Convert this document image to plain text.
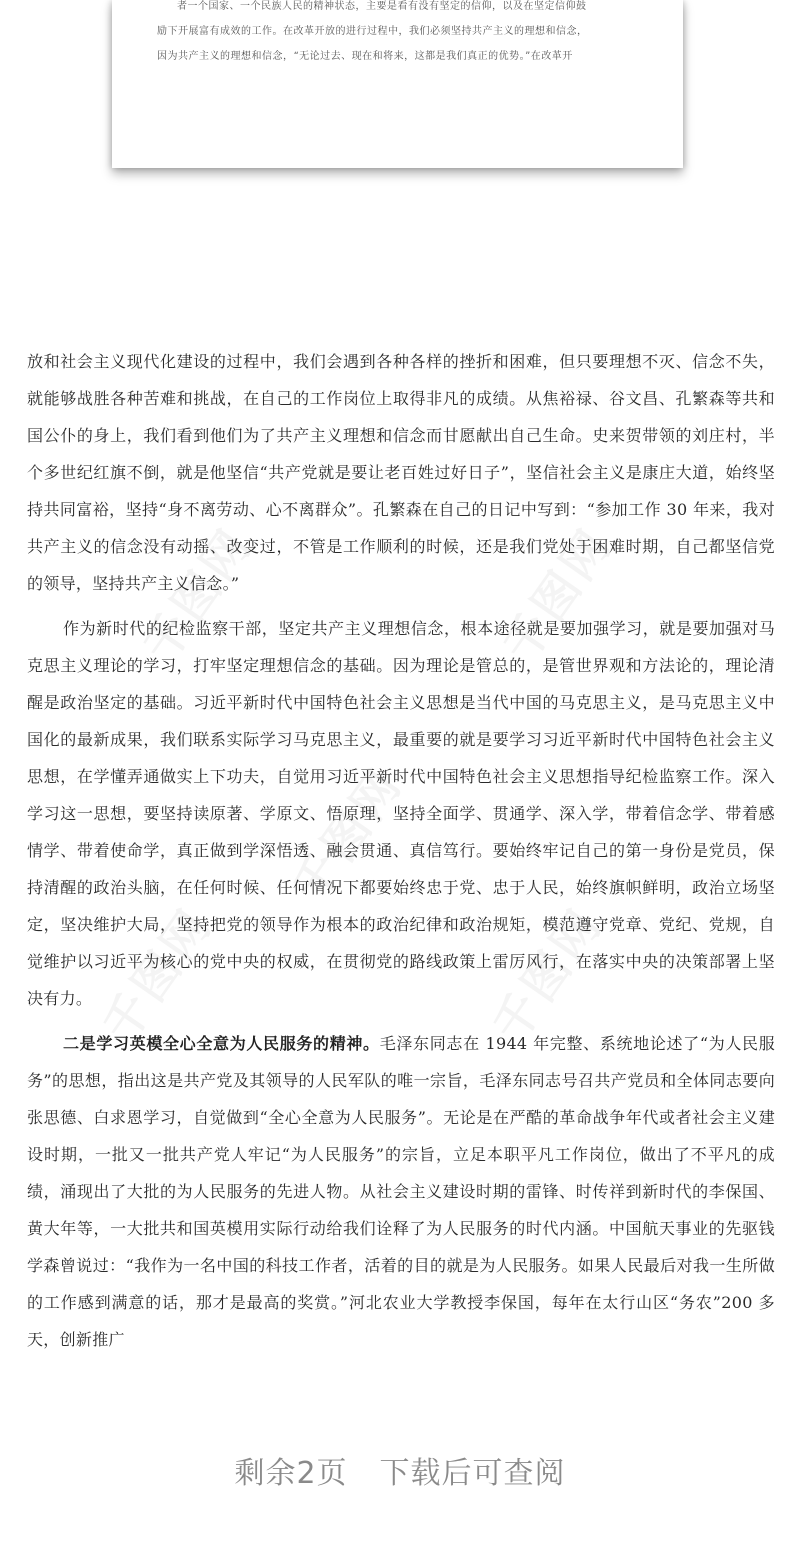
者一个国家、一个民族人民的精神状态，主要是看有没有坚定的信仰，以及在坚定信仰鼓

励下开展富有成效的工作。在改革开放的进行过程中，我们必须坚持共产主义的理想和信念，

因为共产主义的理想和信念，“无论过去、现在和将来，这都是我们真正的优势。”在改革开

放和社会主义现代化建设的过程中，我们会遇到各种各样的挫折和困难，但只要理想不灭、信念不失，就能够战胜各种苦难和挑战，在自己的工作岗位上取得非凡的成绩。从焦裕禄、谷文昌、孔繁森等共和国公仆的身上，我们看到他们为了共产主义理想和信念而甘愿献出自己生命。史来贺带领的刘庄村，半个多世纪红旗不倒，就是他坚信“共产党就是要让老百姓过好日子”，坚信社会主义是康庄大道，始终坚持共同富裕，坚持“身不离劳动、心不离群众”。孔繁森在自己的日记中写到：“参加工作 30 年来，我对共产主义的信念没有动摇、改变过，不管是工作顺利的时候，还是我们党处于困难时期，自己都坚信党的领导，坚持共产主义信念。”

作为新时代的纪检监察干部，坚定共产主义理想信念，根本途径就是要加强学习，就是要加强对马克思主义理论的学习，打牢坚定理想信念的基础。因为理论是管总的，是管世界观和方法论的，理论清醒是政治坚定的基础。习近平新时代中国特色社会主义思想是当代中国的马克思主义，是马克思主义中国化的最新成果，我们联系实际学习马克思主义，最重要的就是要学习习近平新时代中国特色社会主义思想，在学懂弄通做实上下功夫，自觉用习近平新时代中国特色社会主义思想指导纪检监察工作。深入学习这一思想，要坚持读原著、学原文、悟原理，坚持全面学、贯通学、深入学，带着信念学、带着感情学、带着使命学，真正做到学深悟透、融会贯通、真信笃行。要始终牢记自己的第一身份是党员，保持清醒的政治头脑，在任何时候、任何情况下都要始终忠于党、忠于人民，始终旗帜鲜明，政治立场坚定，坚决维护大局，坚持把党的领导作为根本的政治纪律和政治规矩，模范遵守党章、党纪、党规，自觉维护以习近平为核心的党中央的权威，在贯彻党的路线政策上雷厉风行，在落实中央的决策部署上坚决有力。

二是学习英模全心全意为人民服务的精神。毛泽东同志在 1944 年完整、系统地论述了“为人民服务”的思想，指出这是共产党及其领导的人民军队的唯一宗旨，毛泽东同志号召共产党员和全体同志要向张思德、白求恩学习，自觉做到“全心全意为人民服务”。无论是在严酷的革命战争年代或者社会主义建设时期，一批又一批共产党人牢记“为人民服务”的宗旨，立足本职平凡工作岗位，做出了不平凡的成绩，涌现出了大批的为人民服务的先进人物。从社会主义建设时期的雷锋、时传祥到新时代的李保国、黄大年等，一大批共和国英模用实际行动给我们诠释了为人民服务的时代内涵。中国航天事业的先驱钱学森曾说过：“我作为一名中国的科技工作者，活着的目的就是为人民服务。如果人民最后对我一生所做的工作感到满意的话，那才是最高的奖赏。”河北农业大学教授李保国，每年在太行山区“务农”200 多天，创新推广

剩余2页 下载后可查阅
